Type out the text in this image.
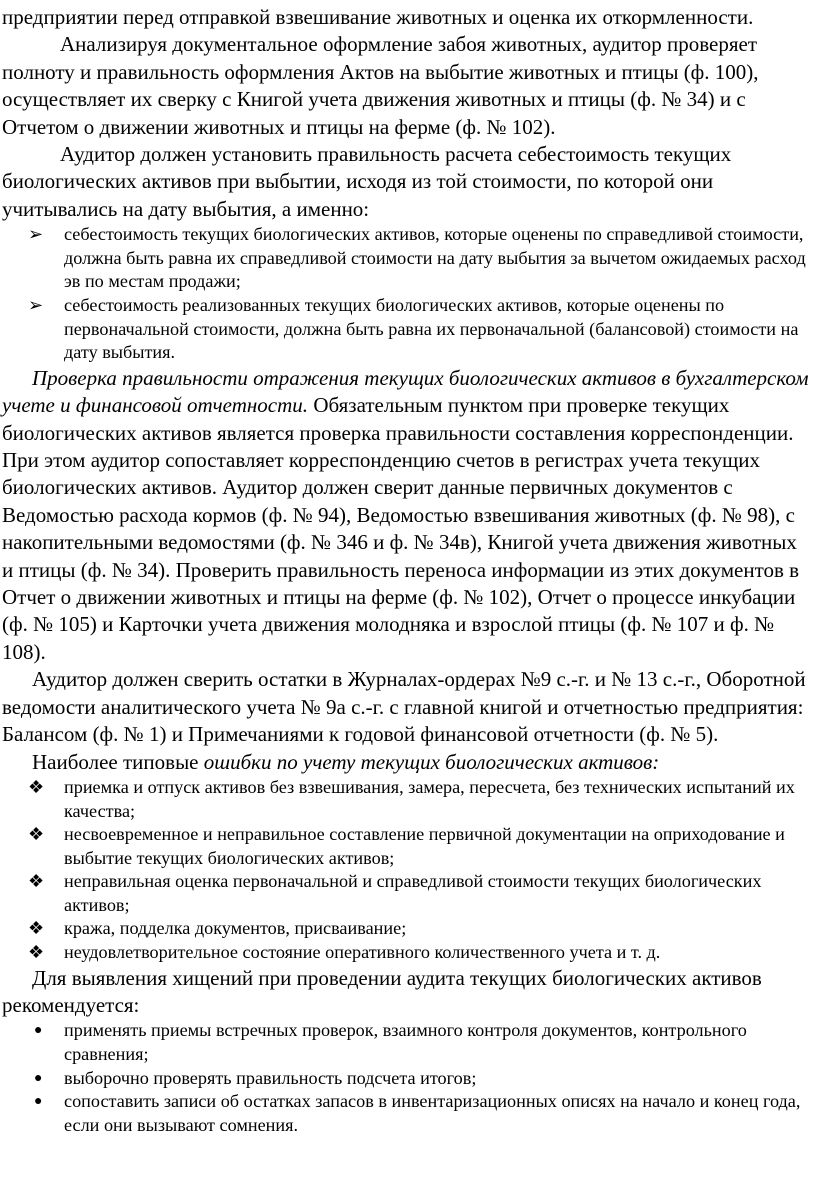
предприятии перед отправкой взвешивание животных и оценка их откормленности.

Анализируя документальное оформление забоя животных, аудитор проверяет полноту и правильность оформления Актов на выбытие животных и птицы (ф. 100), осуществляет их сверку с Книгой учета движения животных и птицы (ф. № 34) и с Отчетом о движении животных и птицы на ферме (ф. № 102).

Аудитор должен установить правильность расчета себестоимость текущих биологических активов при выбытии, исходя из той стоимости, по которой они учитывались на дату выбытия, а именно:

➢ себестоимость текущих биологических активов, которые оценены по справедливой стоимости, должна быть равна их справедливой стоимости на дату выбытия за вычетом ожидаемых расход эв по местам продажи;
➢ себестоимость реализованных текущих биологических активов, которые оценены по первоначальной стоимости, должна быть равна их первоначальной (балансовой) стоимости на дату выбытия.

Проверка правильности отражения текущих биологических активов в бухгалтерском учете и финансовой отчетности. Обязательным пунктом при проверке текущих биологических активов является проверка правильности составления корреспонденции. При этом аудитор сопоставляет корреспонденцию счетов в регистрах учета текущих биологических активов. Аудитор должен сверит данные первичных документов с Ведомостью расхода кормов (ф. № 94), Ведомостью взвешивания животных (ф. № 98), с накопительными ведомостями (ф. № 346 и ф. № 34в), Книгой учета движения животных и птицы (ф. № 34). Проверить правильность переноса информации из этих документов в Отчет о движении животных и птицы на ферме (ф. № 102), Отчет о процессе инкубации (ф. № 105) и Карточки учета движения молодняка и взрослой птицы (ф. № 107 и ф. № 108).

Аудитор должен сверить остатки в Журналах-ордерах №9 с.-г. и № 13 с.-г., Оборотной ведомости аналитического учета № 9а с.-г. с главной книгой и отчетностью предприятия: Балансом (ф. № 1) и Примечаниями к годовой финансовой отчетности (ф. № 5).

Наиболее типовые ошибки по учету текущих биологических активов:

❖ приемка и отпуск активов без взвешивания, замера, пересчета, без технических испытаний их качества;
❖ несвоевременное и неправильное составление первичной документации на оприходование и выбытие текущих биологических активов;
❖ неправильная оценка первоначальной и справедливой стоимости текущих биологических активов;
❖ кража, подделка документов, присваивание;
❖ неудовлетворительное состояние оперативного количественного учета и т. д.

Для выявления хищений при проведении аудита текущих биологических активов рекомендуется:

● применять приемы встречных проверок, взаимного контроля документов, контрольного сравнения;
● выборочно проверять правильность подсчета итогов;
● сопоставить записи об остатках запасов в инвентаризационных описях на начало и конец года, если они вызывают сомнения.
